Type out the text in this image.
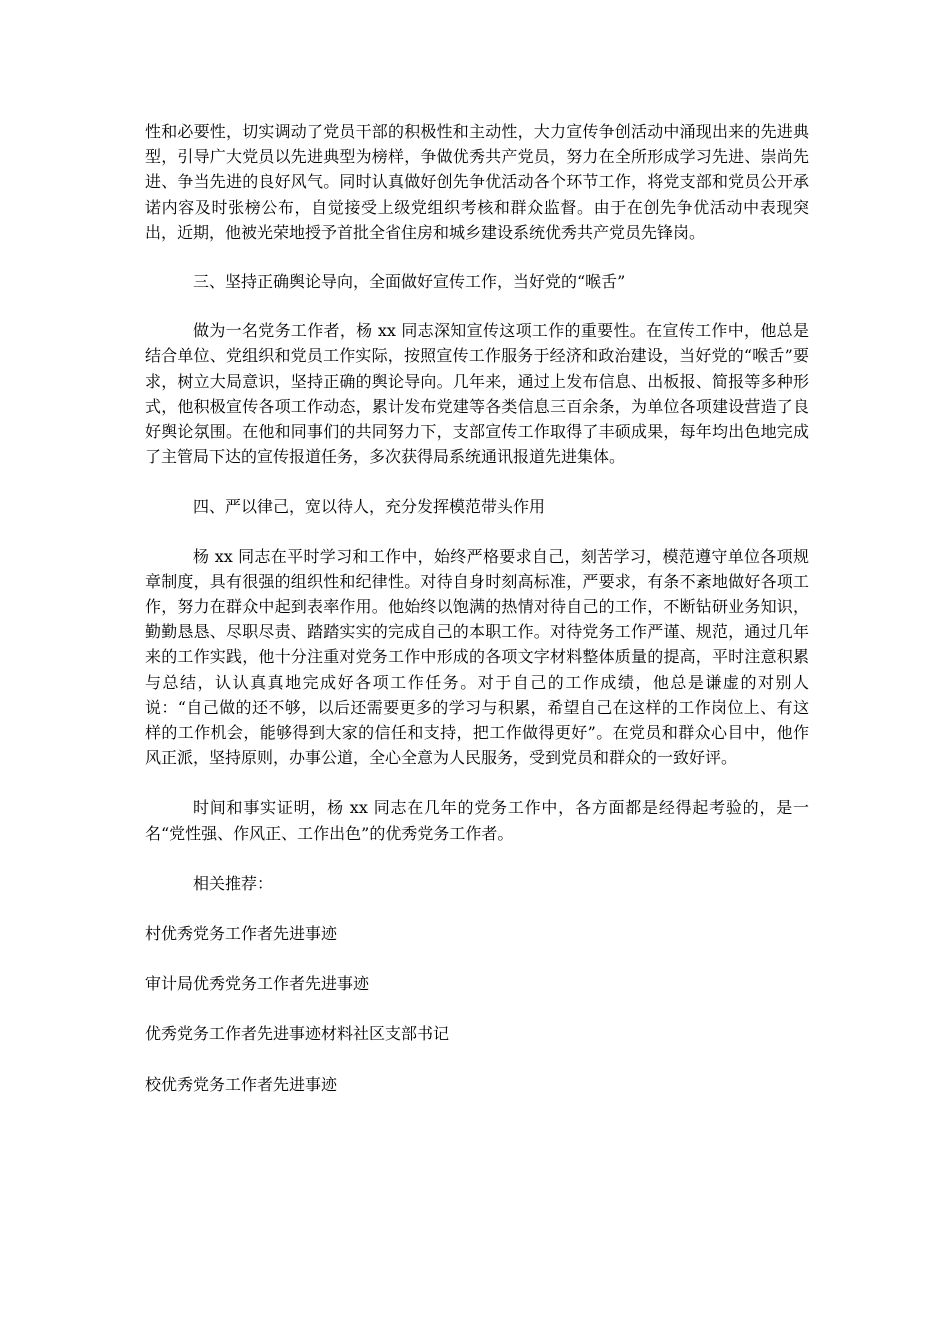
性和必要性，切实调动了党员干部的积极性和主动性，大力宣传争创活动中涌现出来的先进典型，引导广大党员以先进典型为榜样，争做优秀共产党员，努力在全所形成学习先进、崇尚先进、争当先进的良好风气。同时认真做好创先争优活动各个环节工作，将党支部和党员公开承诺内容及时张榜公布，自觉接受上级党组织考核和群众监督。由于在创先争优活动中表现突出，近期，他被光荣地授予首批全省住房和城乡建设系统优秀共产党员先锋岗。

三、坚持正确舆论导向，全面做好宣传工作，当好党的“喉舌”

做为一名党务工作者，杨 xx 同志深知宣传这项工作的重要性。在宣传工作中，他总是结合单位、党组织和党员工作实际，按照宣传工作服务于经济和政治建设，当好党的“喉舌”要求，树立大局意识，坚持正确的舆论导向。几年来，通过上发布信息、出板报、简报等多种形式，他积极宣传各项工作动态，累计发布党建等各类信息三百余条，为单位各项建设营造了良好舆论氛围。在他和同事们的共同努力下，支部宣传工作取得了丰硕成果，每年均出色地完成了主管局下达的宣传报道任务，多次获得局系统通讯报道先进集体。

四、严以律己，宽以待人，充分发挥模范带头作用

杨 xx 同志在平时学习和工作中，始终严格要求自己，刻苦学习，模范遵守单位各项规章制度，具有很强的组织性和纪律性。对待自身时刻高标准，严要求，有条不紊地做好各项工作，努力在群众中起到表率作用。他始终以饱满的热情对待自己的工作，不断钻研业务知识，勤勤恳恳、尽职尽责、踏踏实实的完成自己的本职工作。对待党务工作严谨、规范，通过几年来的工作实践，他十分注重对党务工作中形成的各项文字材料整体质量的提高，平时注意积累与总结，认认真真地完成好各项工作任务。对于自己的工作成绩，他总是谦虚的对别人说：“自己做的还不够，以后还需要更多的学习与积累，希望自己在这样的工作岗位上、有这样的工作机会，能够得到大家的信任和支持，把工作做得更好”。在党员和群众心目中，他作风正派，坚持原则，办事公道，全心全意为人民服务，受到党员和群众的一致好评。

时间和事实证明，杨 xx 同志在几年的党务工作中，各方面都是经得起考验的，是一名“党性强、作风正、工作出色”的优秀党务工作者。

相关推荐：

村优秀党务工作者先进事迹

审计局优秀党务工作者先进事迹

优秀党务工作者先进事迹材料社区支部书记

校优秀党务工作者先进事迹
